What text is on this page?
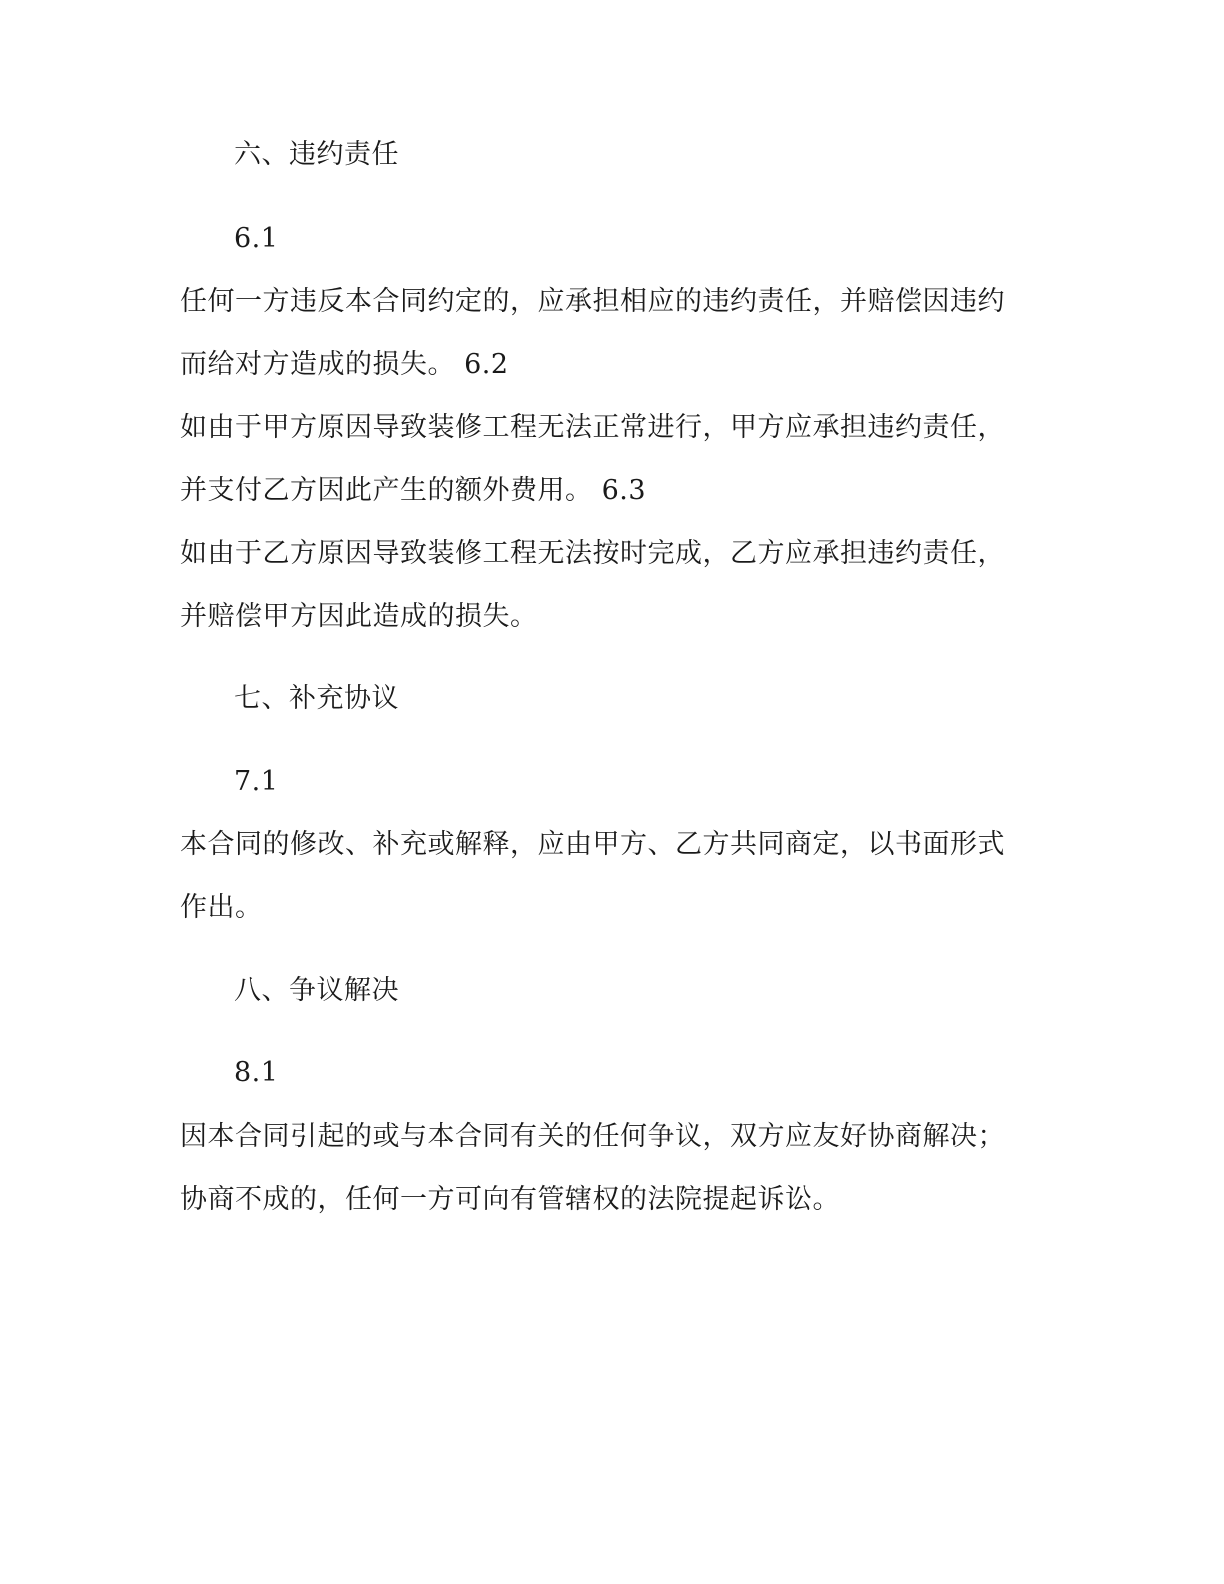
六、违约责任
6.1
任何一方违反本合同约定的，应承担相应的违约责任，并赔偿因违约
而给对方造成的损失。 6.2
如由于甲方原因导致装修工程无法正常进行，甲方应承担违约责任，
并支付乙方因此产生的额外费用。 6.3
如由于乙方原因导致装修工程无法按时完成，乙方应承担违约责任，
并赔偿甲方因此造成的损失。
七、补充协议
7.1
本合同的修改、补充或解释，应由甲方、乙方共同商定，以书面形式
作出。
八、争议解决
8.1
因本合同引起的或与本合同有关的任何争议，双方应友好协商解决；
协商不成的，任何一方可向有管辖权的法院提起诉讼。
